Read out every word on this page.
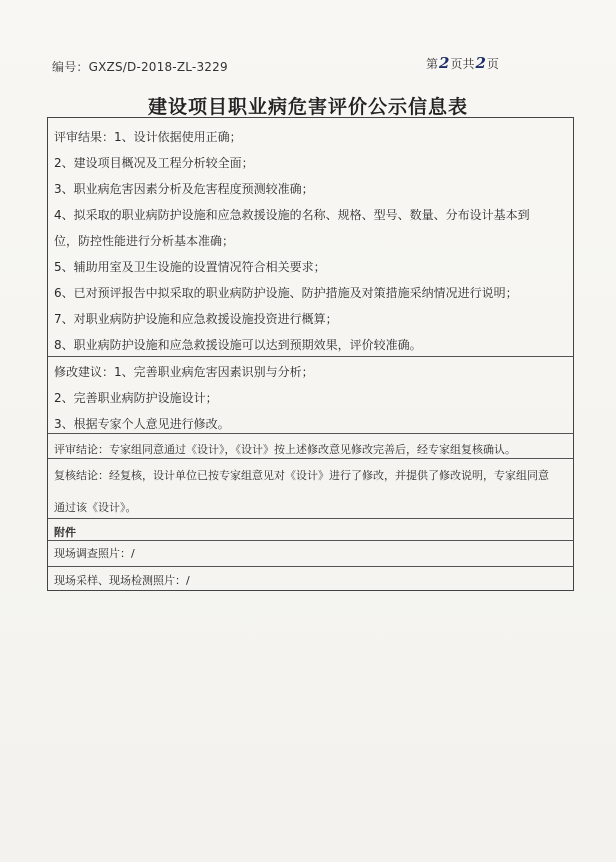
编号：GXZS/D-2018-ZL-3229	第2页共2页
建设项目职业病危害评价公示信息表
评审结果：1、设计依据使用正确；
2、建设项目概况及工程分析较全面；
3、职业病危害因素分析及危害程度预测较准确；
4、拟采取的职业病防护设施和应急救援设施的名称、规格、型号、数量、分布设计基本到
位，防控性能进行分析基本准确；
5、辅助用室及卫生设施的设置情况符合相关要求；
6、已对预评报告中拟采取的职业病防护设施、防护措施及对策措施采纳情况进行说明；
7、对职业病防护设施和应急救援设施投资进行概算；
8、职业病防护设施和应急救援设施可以达到预期效果，评价较准确。
修改建议：1、完善职业病危害因素识别与分析；
2、完善职业病防护设施设计；
3、根据专家个人意见进行修改。
评审结论：专家组同意通过《设计》，《设计》按上述修改意见修改完善后，经专家组复核确认。
复核结论：经复核，设计单位已按专家组意见对《设计》进行了修改，并提供了修改说明，专家组同意
通过该《设计》。
附件
现场调查照片：/
现场采样、现场检测照片：/
